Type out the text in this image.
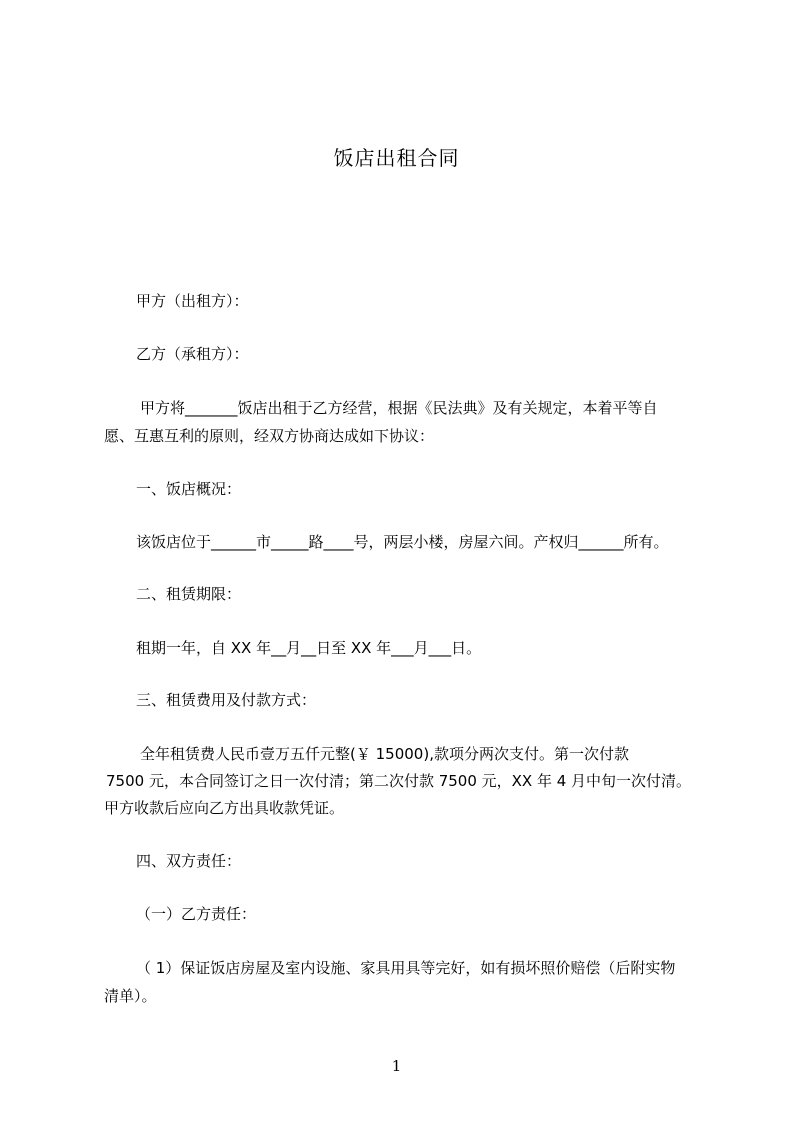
饭店出租合同
甲方（出租方）：
乙方（承租方）：
甲方将_______饭店出租于乙方经营，根据《民法典》及有关规定，本着平等自
愿、互惠互利的原则，经双方协商达成如下协议：
一、饭店概况：
该饭店位于______市_____路____号，两层小楼，房屋六间。产权归______所有。
二、租赁期限：
租期一年，自 XX 年__月__日至 XX 年___月___日。
三、租赁费用及付款方式：
全年租赁费人民币壹万五仟元整(￥ 15000),款项分两次支付。第一次付款
7500 元，本合同签订之日一次付清；第二次付款 7500 元，XX 年 4 月中旬一次付清。
甲方收款后应向乙方出具收款凭证。
四、双方责任：
（一）乙方责任：
（ 1）保证饭店房屋及室内设施、家具用具等完好，如有损坏照价赔偿（后附实物
清单）。
1
